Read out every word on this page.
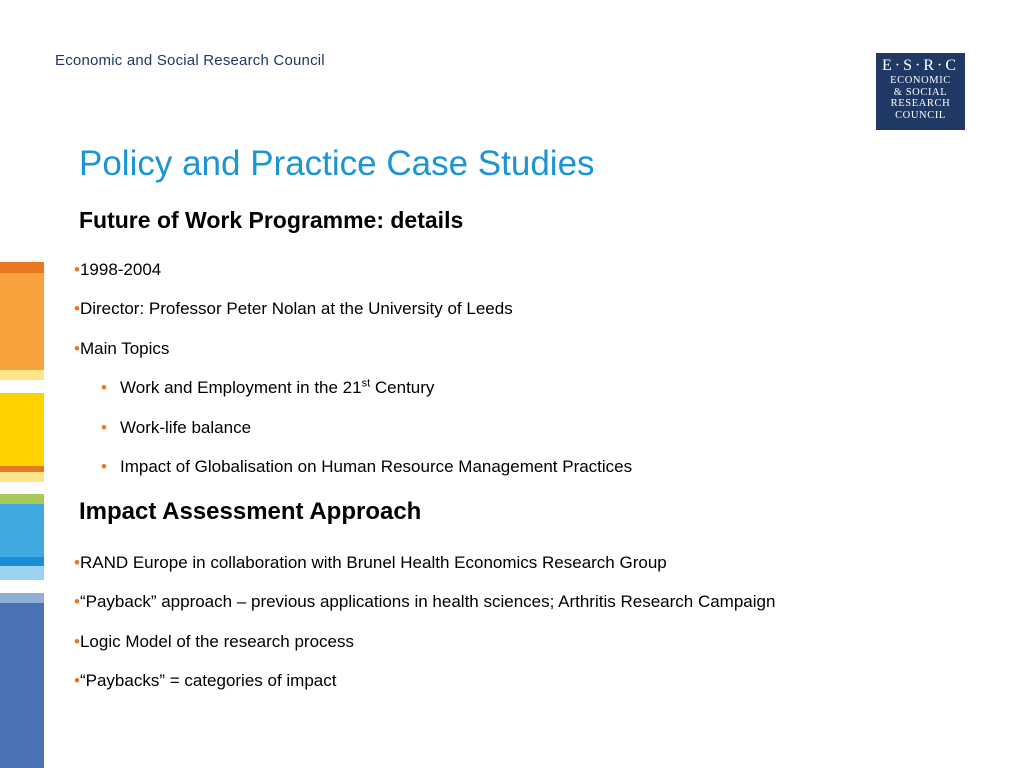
Economic and Social Research Council	E·S·R·C
ECONOMIC
& SOCIAL
RESEARCH
COUNCIL
Policy and Practice Case Studies
Future of Work Programme: details
•1998-2004
•Director: Professor Peter Nolan at the University of Leeds
•Main Topics
• Work and Employment in the 21st Century
• Work-life balance
• Impact of Globalisation on Human Resource Management Practices
Impact Assessment Approach
•RAND Europe in collaboration with Brunel Health Economics Research Group
•“Payback” approach – previous applications in health sciences; Arthritis Research Campaign
•Logic Model of the research process
•“Paybacks” = categories of impact
